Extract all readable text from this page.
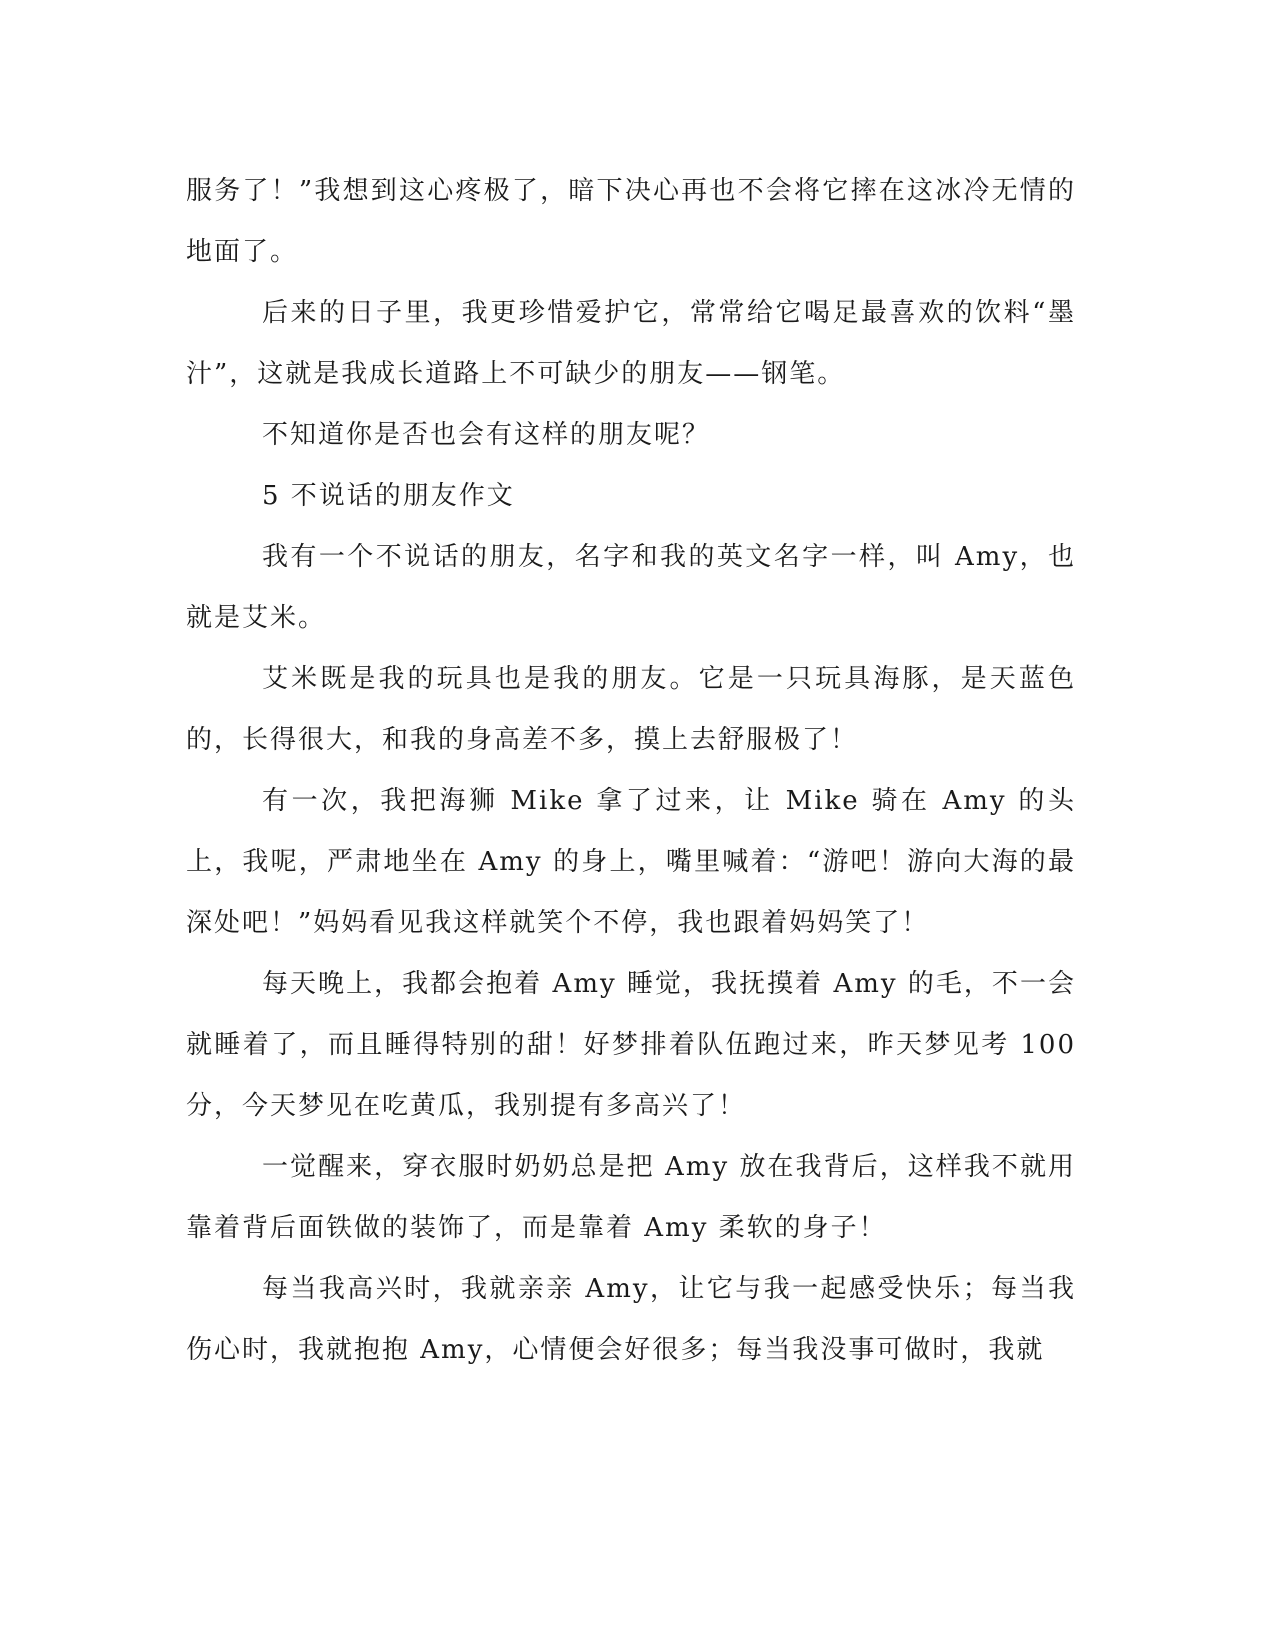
服务了！”我想到这心疼极了，暗下决心再也不会将它摔在这冰冷无情的地面了。

后来的日子里，我更珍惜爱护它，常常给它喝足最喜欢的饮料“墨汁”，这就是我成长道路上不可缺少的朋友——钢笔。

不知道你是否也会有这样的朋友呢？

5 不说话的朋友作文

我有一个不说话的朋友，名字和我的英文名字一样，叫 Amy，也就是艾米。

艾米既是我的玩具也是我的朋友。它是一只玩具海豚，是天蓝色的，长得很大，和我的身高差不多，摸上去舒服极了！

有一次，我把海狮 Mike 拿了过来，让 Mike 骑在 Amy 的头上，我呢，严肃地坐在 Amy 的身上，嘴里喊着：“游吧！游向大海的最深处吧！”妈妈看见我这样就笑个不停，我也跟着妈妈笑了！

每天晚上，我都会抱着 Amy 睡觉，我抚摸着 Amy 的毛，不一会就睡着了，而且睡得特别的甜！好梦排着队伍跑过来，昨天梦见考 100 分，今天梦见在吃黄瓜，我别提有多高兴了！

一觉醒来，穿衣服时奶奶总是把 Amy 放在我背后，这样我不就用靠着背后面铁做的装饰了，而是靠着 Amy 柔软的身子！

每当我高兴时，我就亲亲 Amy，让它与我一起感受快乐；每当我伤心时，我就抱抱 Amy，心情便会好很多；每当我没事可做时，我就
